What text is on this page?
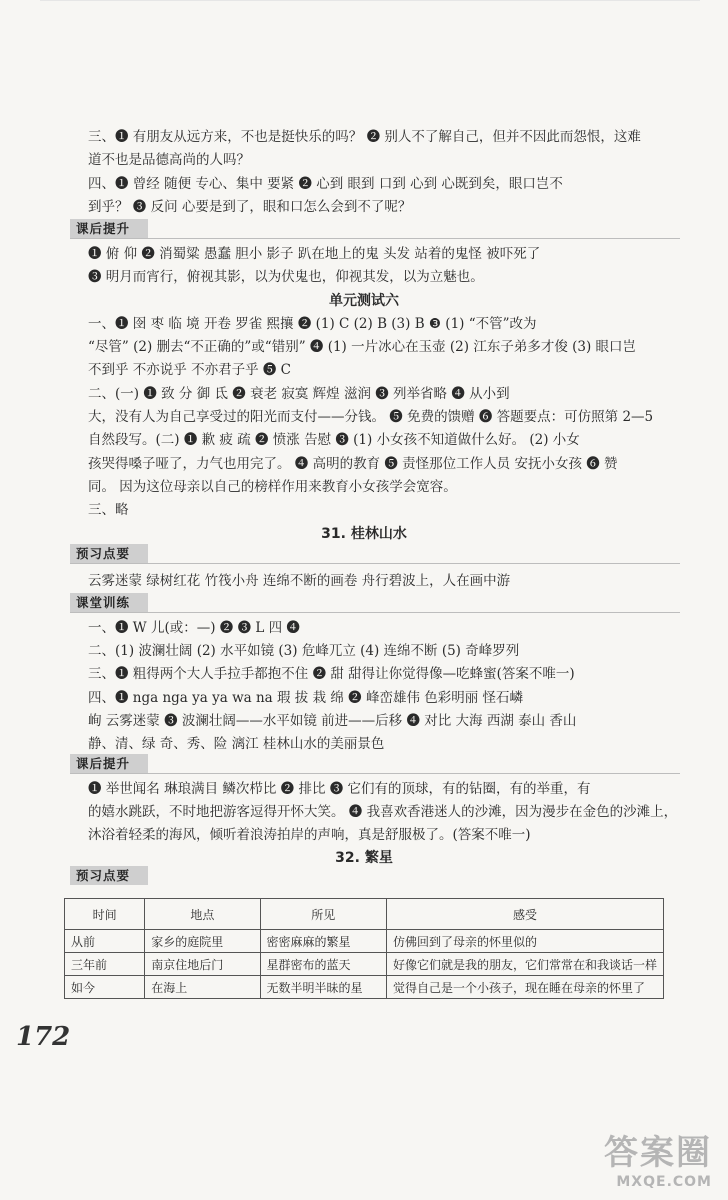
三、❶ 有朋友从远方来，不也是挺快乐的吗？ ❷ 别人不了解自己，但并不因此而怨恨，这难
道不也是品德高尚的人吗？
四、❶ 曾经 随便 专心、集中 要紧 ❷ 心到 眼到 口到 心到 心既到矣，眼口岂不
到乎？ ❸ 反问 心要是到了，眼和口怎么会到不了呢？
课后提升
❶ 俯 仰 ❷ 消蜀粱 愚蠢 胆小 影子 趴在地上的鬼 头发 站着的鬼怪 被吓死了
❸ 明月而宵行，俯视其影，以为伏鬼也，仰视其发，以为立魅也。
单元测试六
一、❶ 囹 枣 临 境 开卷 罗雀 熙攘 ❷ (1) C (2) B (3) B ❸ (1) “不管”改为
“尽管” (2) 删去“不正确的”或“错别” ❹ (1) 一片冰心在玉壶 (2) 江东子弟多才俊 (3) 眼口岂
不到乎 不亦说乎 不亦君子乎 ❺ C
二、(一) ❶ 致 分 御 氐 ❷ 衰老 寂寞 辉煌 滋润 ❸ 列举省略 ❹ 从小到
大，没有人为自己享受过的阳光而支付——分钱。 ❺ 免费的馈赠 ❻ 答题要点：可仿照第 2—5
自然段写。(二) ❶ 歉 疲 疏 ❷ 愤涨 告慰 ❸ (1) 小女孩不知道做什么好。 (2) 小女
孩哭得嗓子哑了，力气也用完了。 ❹ 高明的教育 ❺ 责怪那位工作人员 安抚小女孩 ❻ 赞
同。 因为这位母亲以自己的榜样作用来教育小女孩学会宽容。
三、略
31. 桂林山水
预习点要
云雾迷蒙 绿树红花 竹筏小舟 连绵不断的画卷 舟行碧波上，人在画中游
课堂训练
一、❶ W 儿(或：—) ❷ ❸ L 四 ❹
二、(1) 波澜壮阔 (2) 水平如镜 (3) 危峰兀立 (4) 连绵不断 (5) 奇峰罗列
三、❶ 粗得两个大人手拉手都抱不住 ❷ 甜 甜得让你觉得像—吃蜂蜜(答案不唯一)
四、❶ nga nga ya ya wa na 瑕 拔 栽 绵 ❷ 峰峦雄伟 色彩明丽 怪石嶙
峋 云雾迷蒙 ❸ 波澜壮阔——水平如镜 前进——后移 ❹ 对比 大海 西湖 泰山 香山
静、清、绿 奇、秀、险 漓江 桂林山水的美丽景色
课后提升
❶ 举世闻名 琳琅满目 鳞次栉比 ❷ 排比 ❸ 它们有的顶球，有的钻圈，有的举重，有
的嬉水跳跃，不时地把游客逗得开怀大笑。 ❹ 我喜欢香港迷人的沙滩，因为漫步在金色的沙滩上，
沐浴着轻柔的海风，倾听着浪涛拍岸的声响，真是舒服极了。(答案不唯一)
32. 繁星
预习点要
时间	地点	所见	感受
从前	家乡的庭院里	密密麻麻的繁星	仿佛回到了母亲的怀里似的
三年前	南京住地后门	星群密布的蓝天	好像它们就是我的朋友，它们常常在和我谈话一样
如今	在海上	无数半明半昧的星	觉得自己是一个小孩子，现在睡在母亲的怀里了
172
答案圈
MXQE.COM
